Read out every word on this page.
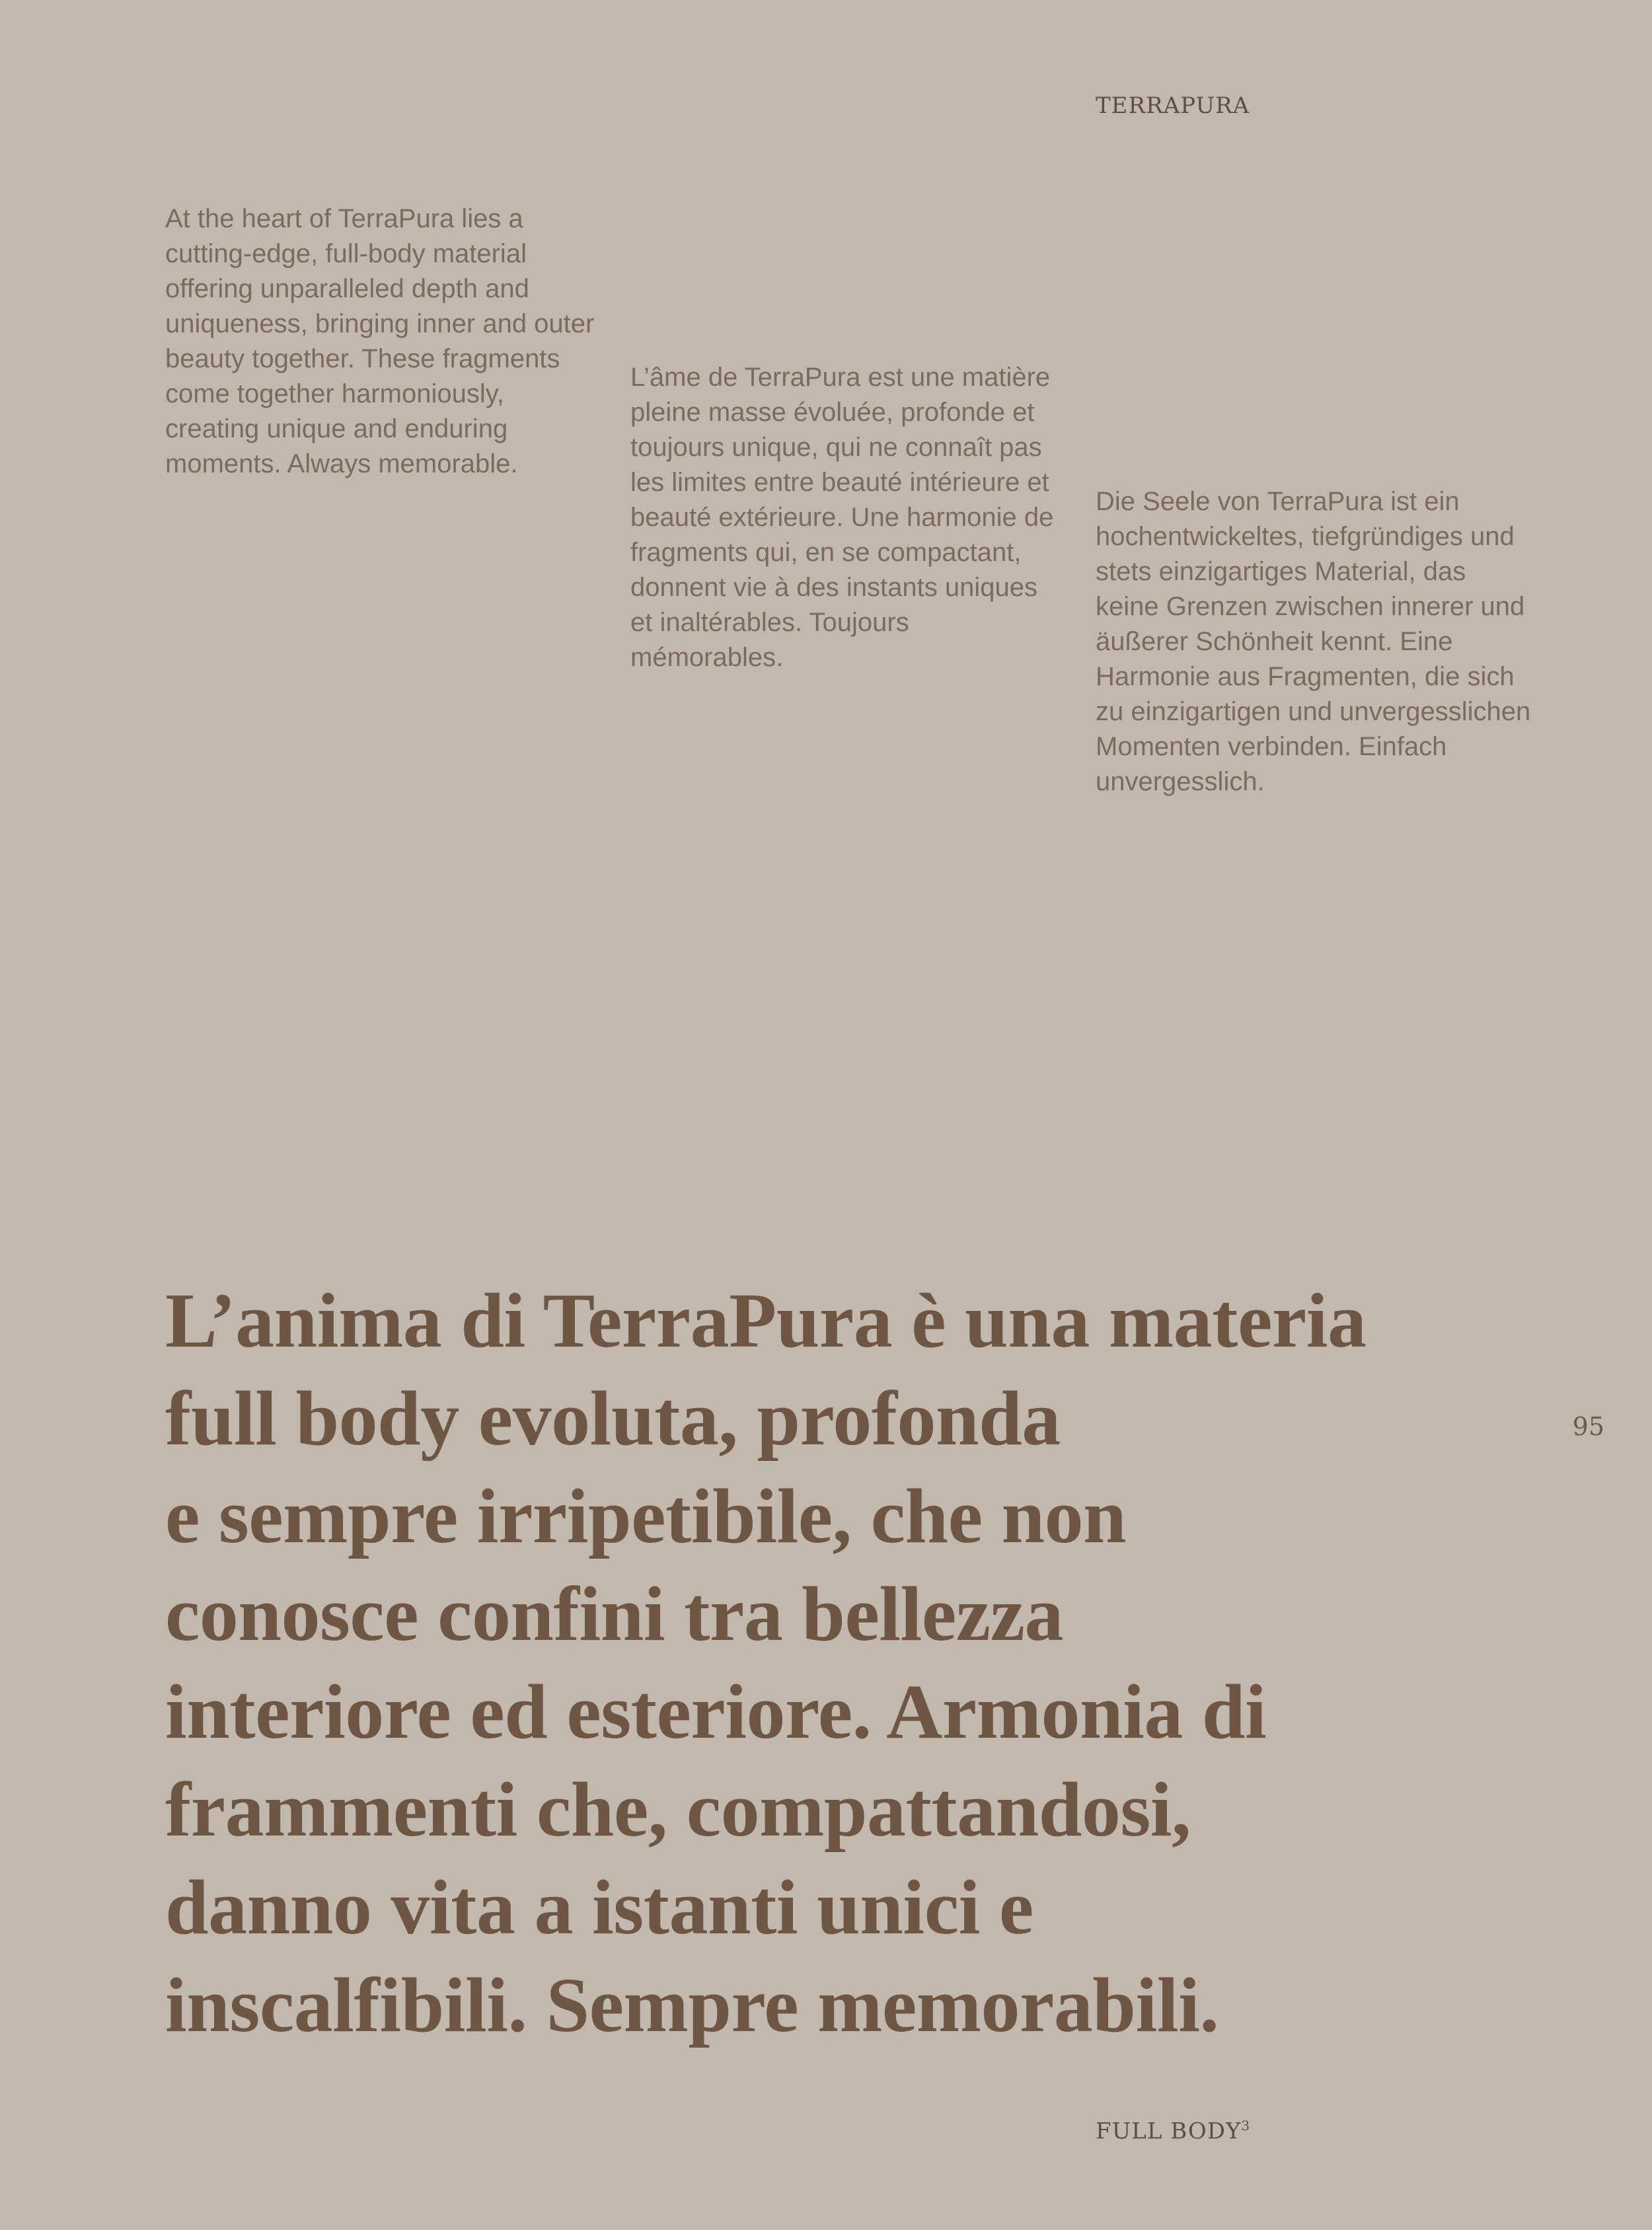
TERRAPURA

At the heart of TerraPura lies a cutting-edge, full-body material offering unparalleled depth and uniqueness, bringing inner and outer beauty together. These fragments come together harmoniously, creating unique and enduring moments. Always memorable.

L’âme de TerraPura est une matière pleine masse évoluée, profonde et toujours unique, qui ne connaît pas les limites entre beauté intérieure et beauté extérieure. Une harmonie de fragments qui, en se compactant, donnent vie à des instants uniques et inaltérables. Toujours mémorables.

Die Seele von TerraPura ist ein hochentwickeltes, tiefgründiges und stets einzigartiges Material, das keine Grenzen zwischen innerer und äußerer Schönheit kennt. Eine Harmonie aus Fragmenten, die sich zu einzigartigen und unvergesslichen Momenten verbinden. Einfach unvergesslich.

L’anima di TerraPura è una materia
full body evoluta, profonda
e sempre irripetibile, che non
conosce confini tra bellezza
interiore ed esteriore. Armonia di
frammenti che, compattandosi,
danno vita a istanti unici e
inscalfibili. Sempre memorabili.

95

FULL BODY$^3$
